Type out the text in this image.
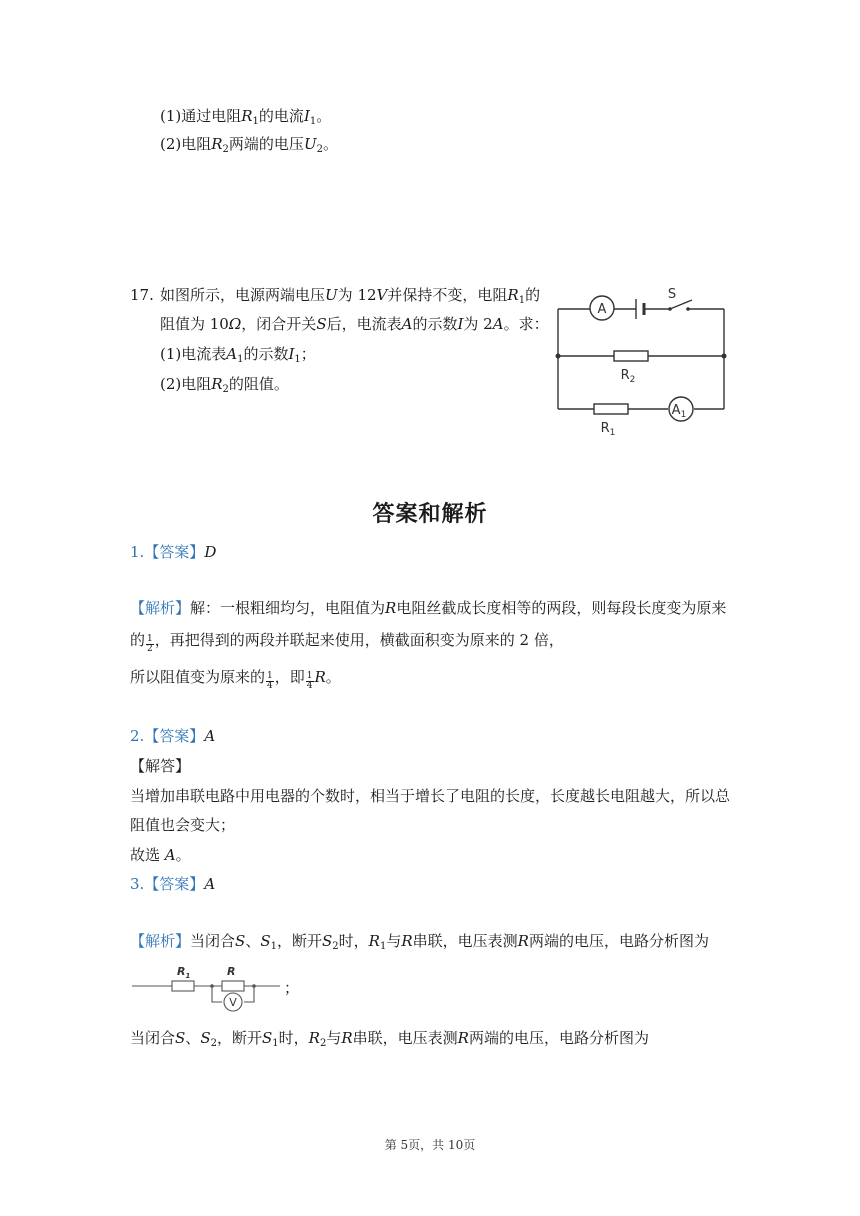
(1)通过电阻$R_1$的电流$I_1$。
(2)电阻$R_2$两端的电压$U_2$。
17. 如图所示，电源两端电压U为 12V并保持不变，电阻$R_1$的
阻值为 10Ω，闭合开关S后，电流表A的示数I为 2A。求：
(1)电流表$A_1$的示数$I_1$；
(2)电阻$R_2$的阻值。
A
S
$R_2$
$R_1$
$A_1$
答案和解析
1.【答案】D
【解析】解：一根粗细均匀，电阻值为R电阻丝截成长度相等的两段，则每段长度变为原来
的 $\frac{1}{2}$ ，再把得到的两段并联起来使用，横截面积变为原来的 2 倍，
所以阻值变为原来的 $\frac{1}{4}$ ，即 $\frac{1}{4}$ R。
2.【答案】A
【解答】
当增加串联电路中用电器的个数时，相当于增长了电阻的长度，长度越长电阻越大，所以总
阻值也会变大；
故选 A。
3.【答案】A
【解析】当闭合S、$S_1$，断开$S_2$时，$R_1$与R串联，电压表测R两端的电压，电路分析图为
V
$R_1$	R
；
当闭合S、$S_2$，断开$S_1$时，$R_2$与R串联，电压表测R两端的电压，电路分析图为
第 5页，共 10页
